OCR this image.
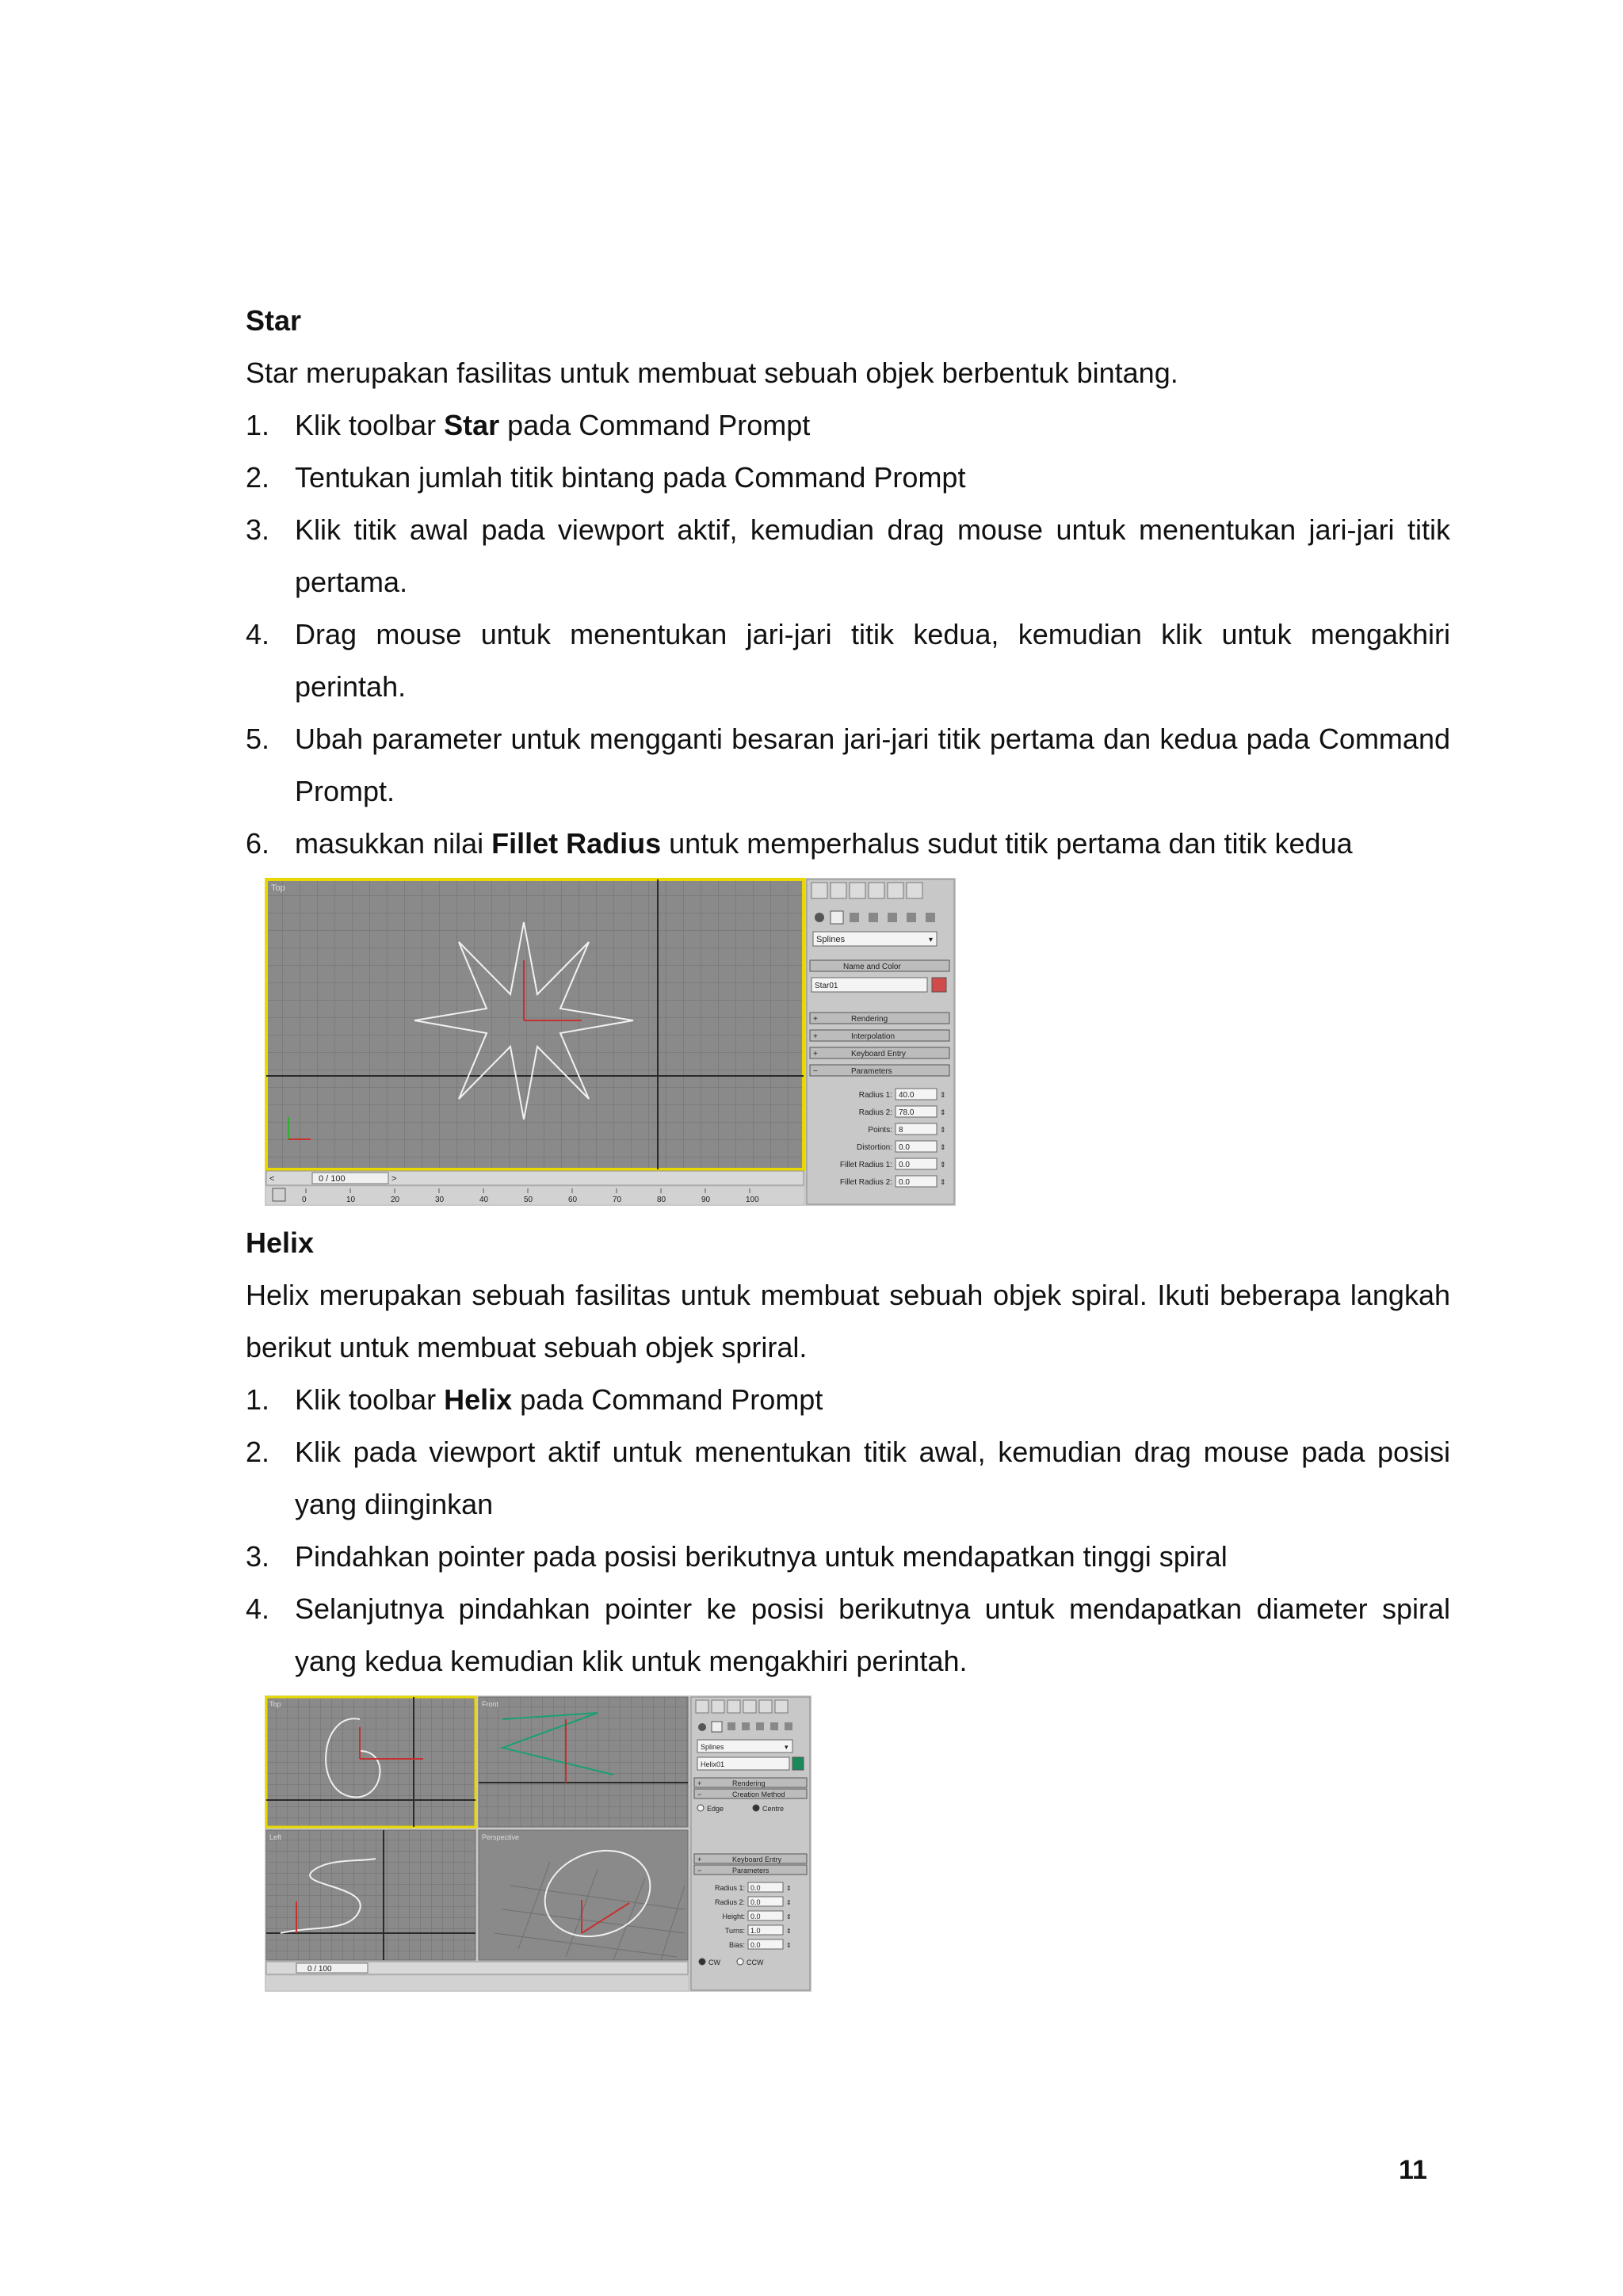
Star

Star merupakan fasilitas untuk membuat sebuah objek berbentuk bintang.

1. Klik toolbar Star pada Command Prompt
2. Tentukan jumlah titik bintang pada Command Prompt
3. Klik titik awal pada viewport aktif, kemudian drag mouse untuk menentukan jari-jari titik pertama.
4. Drag mouse untuk menentukan jari-jari titik kedua, kemudian klik untuk mengakhiri perintah.
5. Ubah parameter untuk mengganti besaran jari-jari titik pertama dan kedua pada Command Prompt.
6. masukkan nilai Fillet Radius untuk memperhalus sudut titik pertama dan titik kedua
Top
0 / 100
<	>
0	10	20	30	40	50	60	70	80	90	100
Splines	▾
Name and Color
Star01
+	Rendering
+	Interpolation
+	Keyboard Entry
−	Parameters
Radius 1: 40.0	⇕
Radius 2: 78.0	⇕
Points: 8	⇕
Distortion: 0.0	⇕
Fillet Radius 1: 0.0	⇕
Fillet Radius 2: 0.0	⇕

Helix

Helix merupakan sebuah fasilitas untuk membuat sebuah objek spiral. Ikuti beberapa langkah berikut untuk membuat sebuah objek spriral.

1. Klik toolbar Helix pada Command Prompt
2. Klik pada viewport aktif untuk menentukan titik awal, kemudian drag mouse pada posisi yang diinginkan
3. Pindahkan pointer pada posisi berikutnya untuk mendapatkan tinggi spiral
4. Selanjutnya pindahkan pointer ke posisi berikutnya untuk mendapatkan diameter spiral yang kedua kemudian klik untuk mengakhiri perintah.
Top	Front
Left	Perspective
0 / 100
Splines	▾
Helix01
+	Rendering
−	Creation Method
+	Keyboard Entry
−	Parameters
Edge	Centre
Radius 1: 0.0	⇕
Radius 2: 0.0	⇕
Height: 0.0	⇕
Turns: 1.0	⇕
Bias: 0.0	⇕
CW	CCW
11
